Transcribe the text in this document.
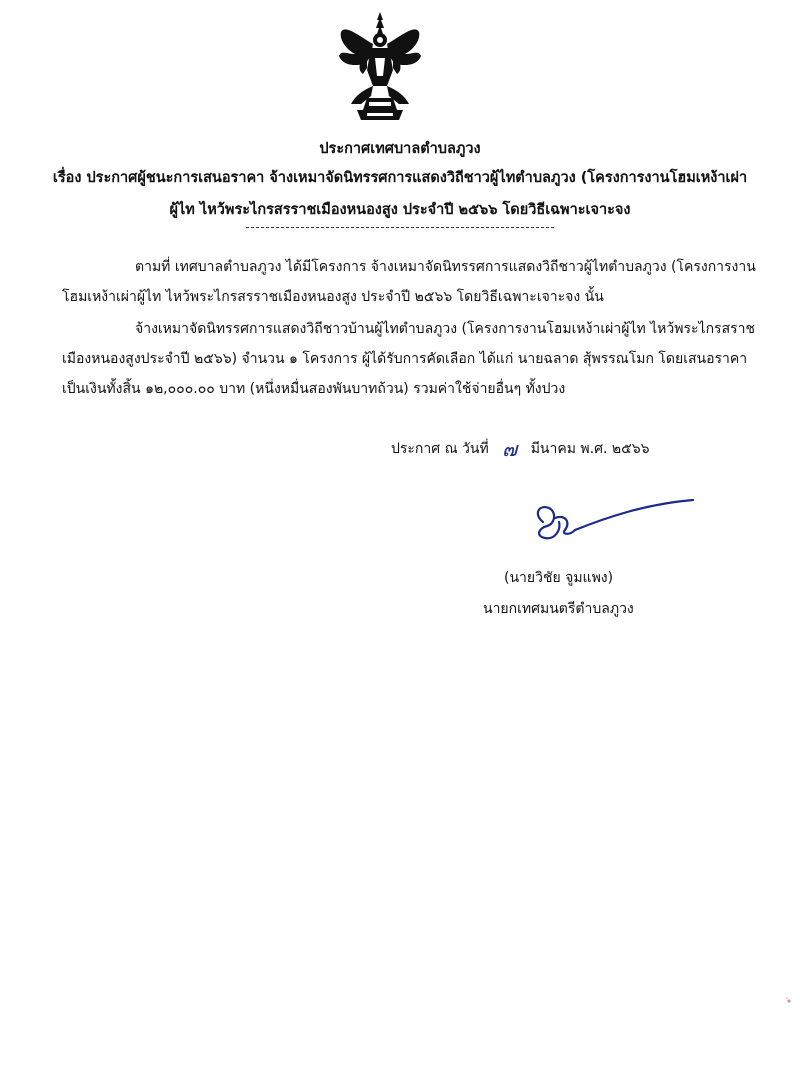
ประกาศเทศบาลตำบลภูวง
เรื่อง ประกาศผู้ชนะการเสนอราคา จ้างเหมาจัดนิทรรศการแสดงวิถีชาวผู้ไทตำบลภูวง (โครงการงานโฮมเหง้าเผ่า
ผู้ไท ไหว้พระไกรสรราชเมืองหนองสูง ประจำปี ๒๕๖๖ โดยวิธีเฉพาะเจาะจง
ตามที่ เทศบาลตำบลภูวง ได้มีโครงการ จ้างเหมาจัดนิทรรศการแสดงวิถีชาวผู้ไทตำบลภูวง (โครงการงาน
โฮมเหง้าเผ่าผู้ไท ไหว้พระไกรสรราชเมืองหนองสูง ประจำปี ๒๕๖๖ โดยวิธีเฉพาะเจาะจง นั้น
จ้างเหมาจัดนิทรรศการแสดงวิถีชาวบ้านผู้ไทตำบลภูวง (โครงการงานโฮมเหง้าเผ่าผู้ไท ไหว้พระไกรสราช
เมืองหนองสูงประจำปี ๒๕๖๖) จำนวน ๑ โครงการ ผู้ได้รับการคัดเลือก ได้แก่ นายฉลาด สุ้พรรณโมก โดยเสนอราคา
เป็นเงินทั้งสิ้น ๑๒,๐๐๐.๐๐ บาท (หนึ่งหมื่นสองพันบาทถ้วน) รวมค่าใช้จ่ายอื่นๆ ทั้งปวง
ประกาศ ณ วันที่ ๗ มีนาคม พ.ศ. ๒๕๖๖
(นายวิชัย จูมแพง)
นายกเทศมนตรีตำบลภูวง
